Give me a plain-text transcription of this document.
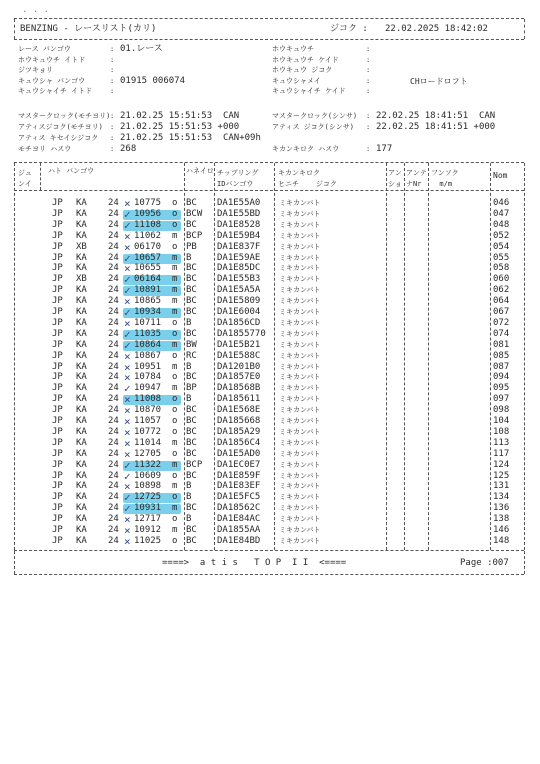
. . .
BENZING - レースリスト(カリ)	ジコク : 22.02.2025 18:42:02
レース バンゴウ	: 01.レース
ホウキュウチ イトド	:
ジツキョリ	:
キュウシャ バンゴウ	: 01915 006074
キュウシャイチ イトド	:
ホウキュウチ	:
ホウキュウチ ケイド	:
ホウキュウ ジコク	:
キュウシャメイ	:	CHロードロフト
キュウシャイチ ケイド	:
マスタークロック(モチヨリ) : 21.02.25 15:51:53  CAN	マスタークロック(シンサ) : 22.02.25 18:41:51  CAN
アティスジコク(モチヨリ) : 21.02.25 15:51:53 +000	アティス ジコク(シンサ) : 22.02.25 18:41:51 +000
アティス キセイシジコク : 21.02.25 15:51:53  CAN+09h
モチヨリ ハスウ	: 268	キカンキロク ハスウ	: 177
ジュ
ンイ
ハト バンゴウ	ハネイロ チップリング
IDバンゴウ
キカンキロク
ヒニチ    ジコク
アン
ショ
アンテ
ナNr
フンソク
m/m
Nom
JP KA 24 × 10775 o BC DA1E55A0	ミキカンバト	046
JP KA 24 ✓ 10956 o BCW DA1E55BD	ミキカンバト	047
JP KA 24 ✓ 11108 o BC DA1E8528	ミキカンバト	048
JP KA 24 × 11062 m BCP DA1E59B4	ミキカンバト	052
JP XB 24 × 06170 o PB DA1E837F	ミキカンバト	054
JP KA 24 ✓ 10657 m B	DA1E59AE	ミキカンバト	055
JP KA 24 × 10655 m BC DA1E85DC	ミキカンバト	058
JP XB 24 ✓ 06164 m BC DA1E55B3	ミキカンバト	060
JP KA 24 ✓ 10891 m BC DA1E5A5A	ミキカンバト	062
JP KA 24 × 10865 m BC DA1E5809	ミキカンバト	064
JP KA 24 ✓ 10934 m BC DA1E6004	ミキカンバト	067
JP KA 24 × 10711 o B	DA1856CD	ミキカンバト	072
JP KA 24 ✓ 11035 o BC DA1855770 ミキカンバト	074
JP KA 24 ✓ 10864 m BW DA1E5B21	ミキカンバト	081
JP KA 24 × 10867 o RC DA1E588C	ミキカンバト	085
JP KA 24 × 10951 m B	DA1201B0	ミキカンバト	087
JP KA 24 × 10784 o BC DA1857E0	ミキカンバト	094
JP KA 24 ✓ 10947 m BP DA18568B	ミキカンバト	095
JP KA 24 × 11008 o B	DA185611	ミキカンバト	097
JP KA 24 × 10870 o BC DA1E568E	ミキカンバト	098
JP KA 24 × 11057 o BC DA185668	ミキカンバト	104
JP KA 24 × 10772 o BC DA185A29	ミキカンバト	108
JP KA 24 × 11014 m BC DA1856C4	ミキカンバト	113
JP KA 24 × 12705 o BC DA1E5AD0	ミキカンバト	117
JP KA 24 ✓ 11322 m BCP DA1EC0E7	ミキカンバト	124
JP KA 24 ✓ 10609 o BC DA1E859F	ミキカンバト	125
JP KA 24 × 10898 m B	DA1E83EF	ミキカンバト	131
JP KA 24 ✓ 12725 o B	DA1E5FC5	ミキカンバト	134
JP KA 24 ✓ 10931 m BC DA18562C	ミキカンバト	136
JP KA 24 × 12717 o B	DA1E84AC	ミキカンバト	138
JP KA 24 × 10912 m BC DA1855AA	ミキカンバト	146
JP KA 24 × 11025 o BC DA1E84BD	ミキカンバト	148
====>  a t i s   T O P  I I  <====	Page :007
